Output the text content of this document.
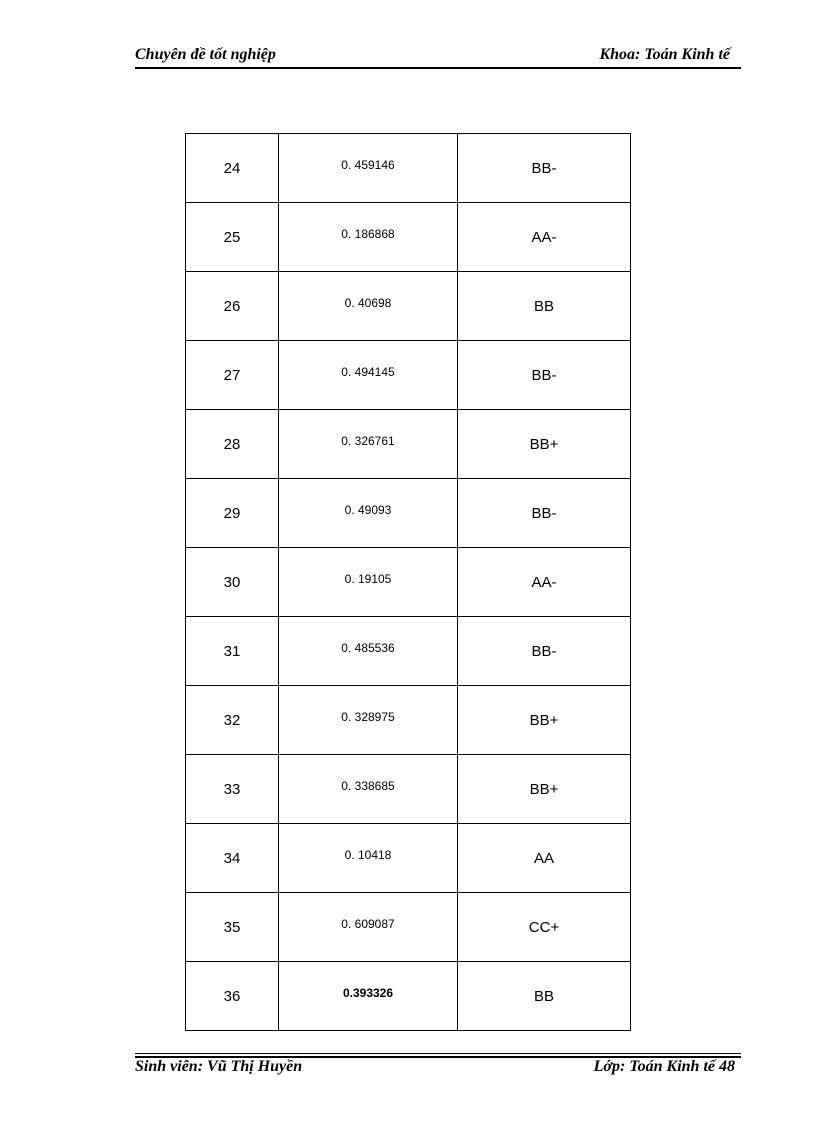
Chuyên đề tốt nghiệp	Khoa: Toán Kinh tế
24	0. 459146	BB-
25	0. 186868	AA-
26	0. 40698	BB
27	0. 494145	BB-
28	0. 326761	BB+
29	0. 49093	BB-
30	0. 19105	AA-
31	0. 485536	BB-
32	0. 328975	BB+
33	0. 338685	BB+
34	0. 10418	AA
35	0. 609087	CC+
36	0.393326	BB
Sinh viên: Vũ Thị Huyền	Lớp: Toán Kinh tế 48
